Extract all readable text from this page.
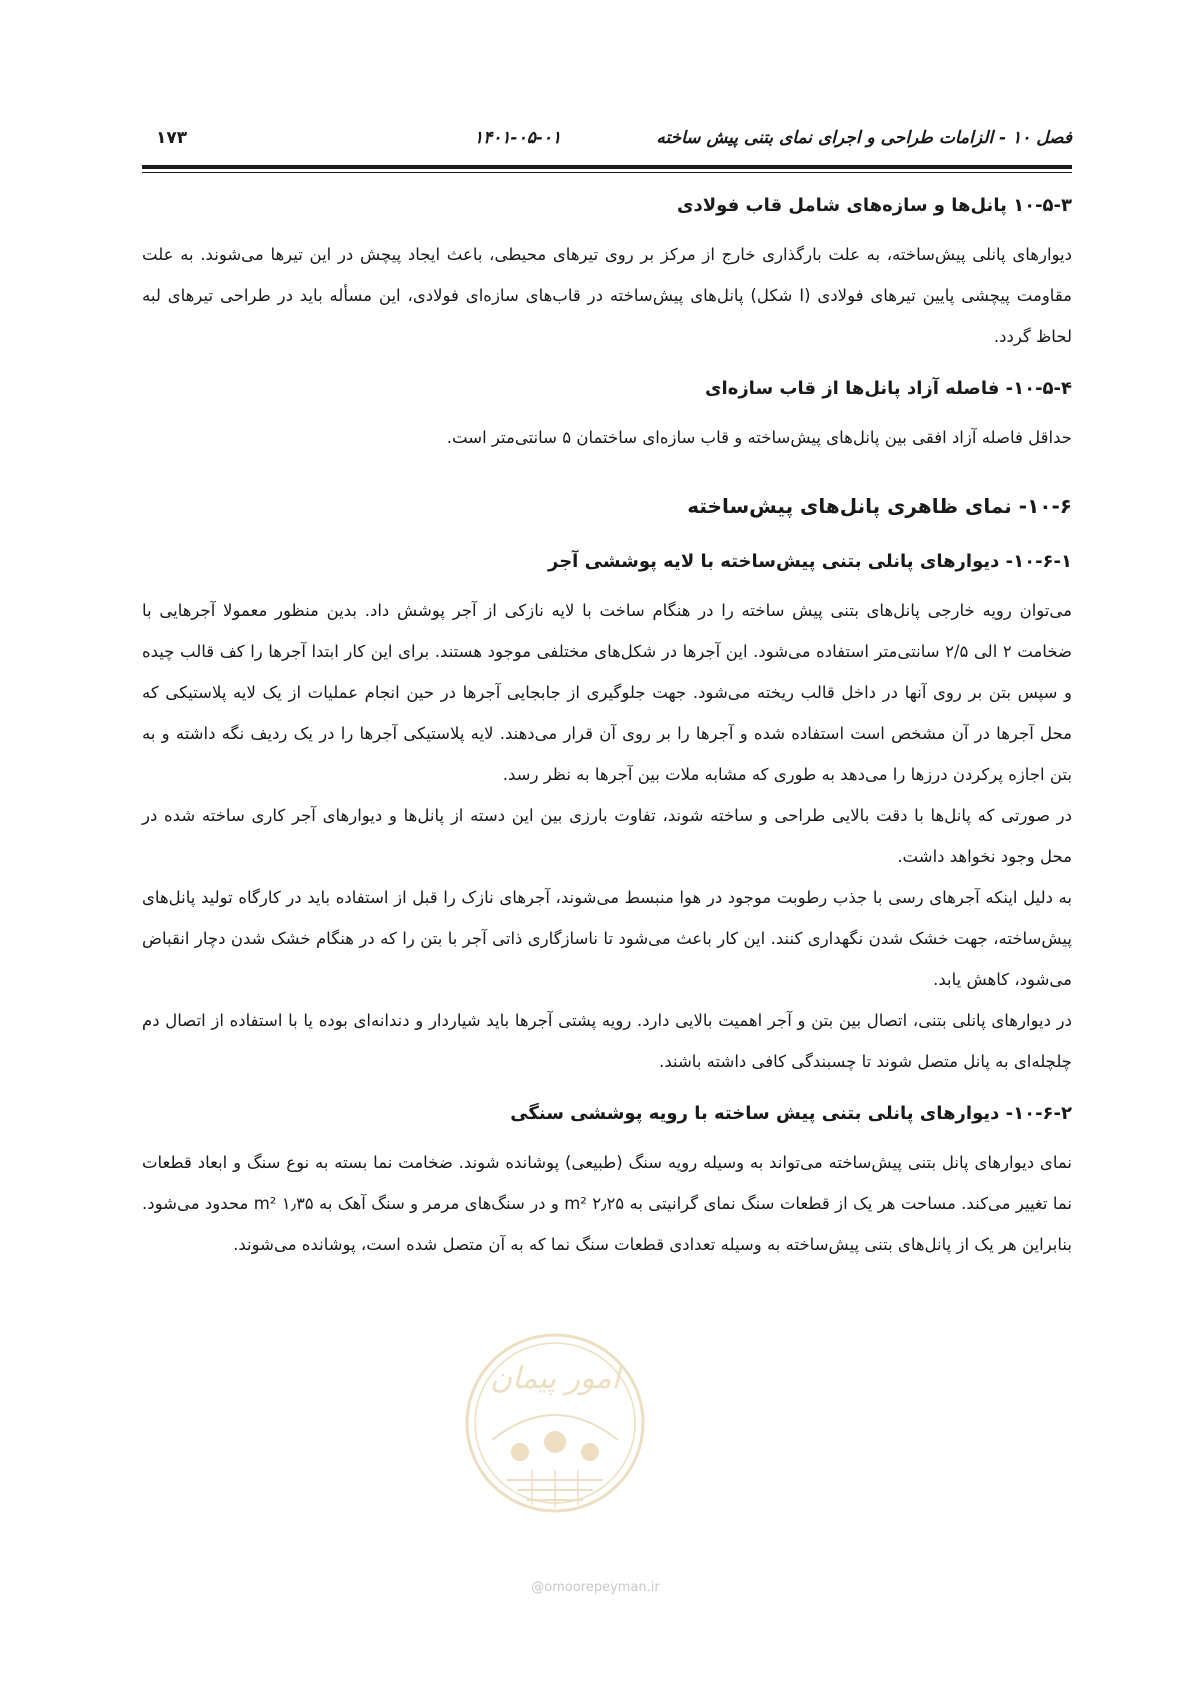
فصل ۱۰ - الزامات طراحی و اجرای نمای بتنی پیش ساخته
۱۴۰۱-۰۵-۰۱
۱۷۳
۱۰-۵-۳ پانل‌ها و سازه‌های شامل قاب فولادی

دیوارهای پانلی پیش‌ساخته، به علت بارگذاری خارج از مرکز بر روی تیرهای محیطی، باعث ایجاد پیچش در این تیرها می‌شوند. به علت مقاومت پیچشی پایین تیرهای فولادی (I شکل) پانل‌های پیش‌ساخته در قاب‌های سازه‌ای فولادی، این مسأله باید در طراحی تیرهای لبه لحاظ گردد.

۱۰-۵-۴- فاصله آزاد پانل‌ها از قاب سازه‌ای

حداقل فاصله آزاد افقی بین پانل‌های پیش‌ساخته و قاب سازه‌ای ساختمان ۵ سانتی‌متر است.

۱۰-۶- نمای ظاهری پانل‌های پیش‌ساخته
۱۰-۶-۱- دیوارهای پانلی بتنی پیش‌ساخته با لایه پوششی آجر

می‌توان رویه خارجی پانل‌های بتنی پیش ساخته را در هنگام ساخت با لایه نازکی از آجر پوشش داد. بدین منظور معمولا آجرهایی با ضخامت ۲ الی ۲/۵ سانتی‌متر استفاده می‌شود. این آجرها در شکل‌های مختلفی موجود هستند. برای این کار ابتدا آجرها را کف قالب چیده و سپس بتن بر روی آنها در داخل قالب ریخته می‌شود. جهت جلوگیری از جابجایی آجرها در حین انجام عملیات از یک لایه پلاستیکی که محل آجرها در آن مشخص است استفاده شده و آجرها را بر روی آن قرار می‌دهند. لایه پلاستیکی آجرها را در یک ردیف نگه داشته و به بتن اجازه پرکردن درزها را می‌دهد به طوری که مشابه ملات بین آجرها به نظر رسد.

در صورتی که پانل‌ها با دقت بالایی طراحی و ساخته شوند، تفاوت بارزی بین این دسته از پانل‌ها و دیوارهای آجر کاری ساخته شده در محل وجود نخواهد داشت.

به دلیل اینکه آجرهای رسی با جذب رطوبت موجود در هوا منبسط می‌شوند، آجرهای نازک را قبل از استفاده باید در کارگاه تولید پانل‌های پیش‌ساخته، جهت خشک شدن نگهداری کنند. این کار باعث می‌شود تا ناسازگاری ذاتی آجر با بتن را که در هنگام خشک شدن دچار انقباض می‌شود، کاهش یابد.

در دیوارهای پانلی بتنی، اتصال بین بتن و آجر اهمیت بالایی دارد. رویه پشتی آجرها باید شیاردار و دندانه‌ای بوده یا با استفاده از اتصال دم چلچله‌ای به پانل متصل شوند تا چسبندگی کافی داشته باشند.

۱۰-۶-۲- دیوارهای پانلی بتنی پیش ساخته با رویه پوششی سنگی

نمای دیوارهای پانل بتنی پیش‌ساخته می‌تواند به وسیله رویه سنگ (طبیعی) پوشانده شوند. ضخامت نما بسته به نوع سنگ و ابعاد قطعات نما تغییر می‌کند. مساحت هر یک از قطعات سنگ نمای گرانیتی به ۲٫۲۵ m² و در سنگ‌های مرمر و سنگ آهک به ۱٫۳۵ m² محدود می‌شود. بنابراین هر یک از پانل‌های بتنی پیش‌ساخته به وسیله تعدادی قطعات سنگ نما که به آن متصل شده است، پوشانده می‌شوند.

امور پیمان
@omoorepeyman.ir
